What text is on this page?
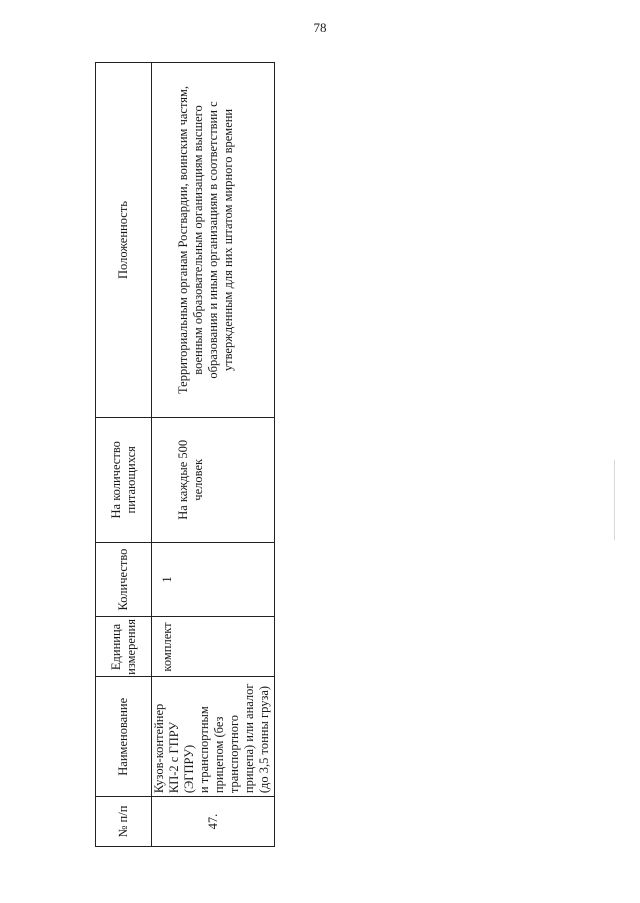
78
№ п/п
Наименование
Единица измерения
Количество
На количество питающихся
Положенность
47.
Кузов-контейнер КП-2 с ГПРУ (ЭГПРУ) и транспортным прицепом (без транспортного прицепа) или аналог (до 3,5 тонны груза)
комплект
1
На каждые 500 человек
Территориальным органам Росгвардии, воинским частям, военным образовательным организациям высшего образования и иным организациям в соответствии с утвержденным для них штатом мирного времени
